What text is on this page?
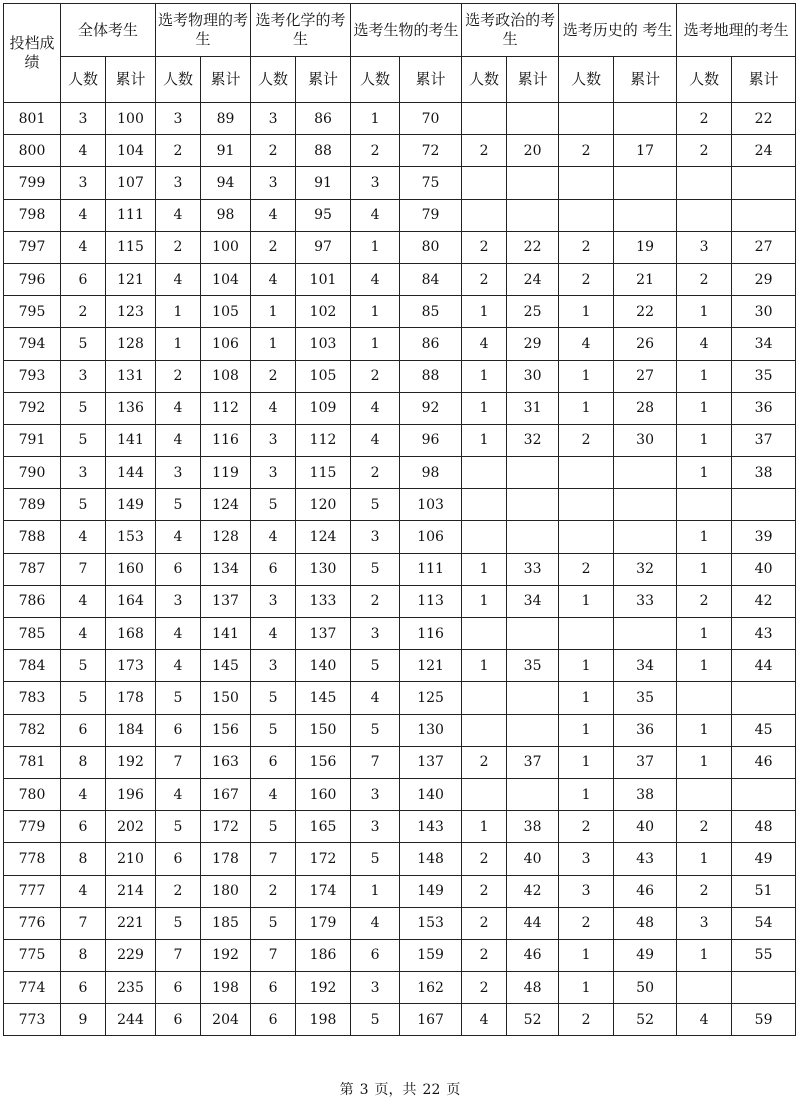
投档成绩	全体考生		选考物理的考生		选考化学的考生		选考生物的考生		选考政治的考生		选考历史的 考生		选考地理的考生	
	人数	累计	人数	累计	人数	累计	人数	累计	人数	累计	人数	累计	人数	累计
801	3	100	3	89	3	86	1	70					2	22
800	4	104	2	91	2	88	2	72	2	20	2	17	2	24
799	3	107	3	94	3	91	3	75						
798	4	111	4	98	4	95	4	79						
797	4	115	2	100	2	97	1	80	2	22	2	19	3	27
796	6	121	4	104	4	101	4	84	2	24	2	21	2	29
795	2	123	1	105	1	102	1	85	1	25	1	22	1	30
794	5	128	1	106	1	103	1	86	4	29	4	26	4	34
793	3	131	2	108	2	105	2	88	1	30	1	27	1	35
792	5	136	4	112	4	109	4	92	1	31	1	28	1	36
791	5	141	4	116	3	112	4	96	1	32	2	30	1	37
790	3	144	3	119	3	115	2	98					1	38
789	5	149	5	124	5	120	5	103						
788	4	153	4	128	4	124	3	106					1	39
787	7	160	6	134	6	130	5	111	1	33	2	32	1	40
786	4	164	3	137	3	133	2	113	1	34	1	33	2	42
785	4	168	4	141	4	137	3	116					1	43
784	5	173	4	145	3	140	5	121	1	35	1	34	1	44
783	5	178	5	150	5	145	4	125			1	35		
782	6	184	6	156	5	150	5	130			1	36	1	45
781	8	192	7	163	6	156	7	137	2	37	1	37	1	46
780	4	196	4	167	4	160	3	140			1	38		
779	6	202	5	172	5	165	3	143	1	38	2	40	2	48
778	8	210	6	178	7	172	5	148	2	40	3	43	1	49
777	4	214	2	180	2	174	1	149	2	42	3	46	2	51
776	7	221	5	185	5	179	4	153	2	44	2	48	3	54
775	8	229	7	192	7	186	6	159	2	46	1	49	1	55
774	6	235	6	198	6	192	3	162	2	48	1	50		
773	9	244	6	204	6	198	5	167	4	52	2	52	4	59
第 3 页，共 22 页
